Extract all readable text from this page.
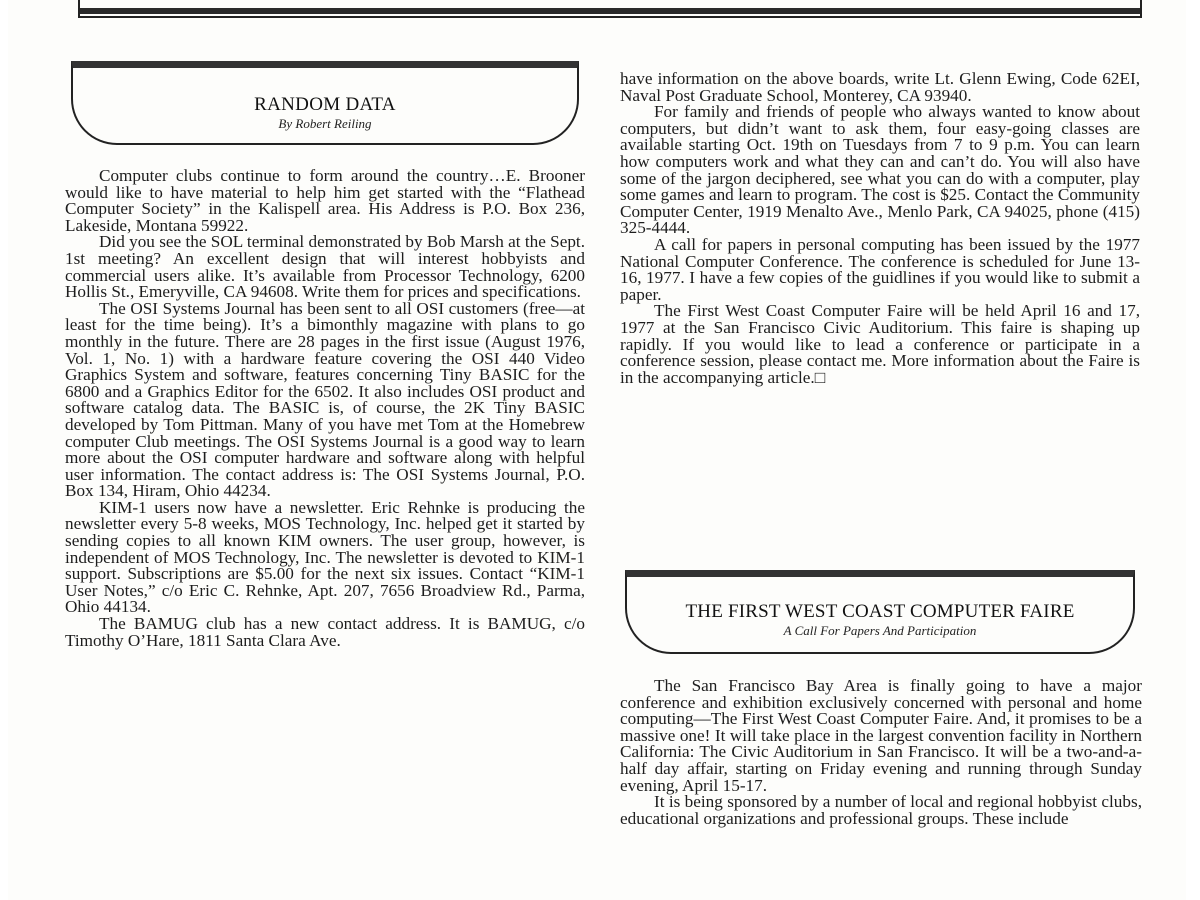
RANDOM DATA
By Robert Reiling

Computer clubs continue to form around the country…E. Brooner would like to have material to help him get started with the “Flathead Computer Society” in the Kalispell area. His Address is P.O. Box 236, Lakeside, Montana 59922.

Did you see the SOL terminal demonstrated by Bob Marsh at the Sept. 1st meeting? An excellent design that will interest hobbyists and commercial users alike. It’s available from Processor Technology, 6200 Hollis St., Emeryville, CA 94608. Write them for prices and specifications.

The OSI Systems Journal has been sent to all OSI customers (free—at least for the time being). It’s a bimonthly magazine with plans to go monthly in the future. There are 28 pages in the first issue (August 1976, Vol. 1, No. 1) with a hardware feature covering the OSI 440 Video Graphics System and software, features concerning Tiny BASIC for the 6800 and a Graphics Editor for the 6502. It also includes OSI product and software catalog data. The BASIC is, of course, the 2K Tiny BASIC developed by Tom Pittman. Many of you have met Tom at the Homebrew computer Club meetings. The OSI Systems Journal is a good way to learn more about the OSI computer hardware and software along with helpful user information. The contact address is: The OSI Systems Journal, P.O. Box 134, Hiram, Ohio 44234.

KIM-1 users now have a newsletter. Eric Rehnke is producing the newsletter every 5-8 weeks, MOS Technology, Inc. helped get it started by sending copies to all known KIM owners. The user group, however, is independent of MOS Technology, Inc. The newsletter is devoted to KIM-1 support. Subscriptions are $5.00 for the next six issues. Contact “KIM-1 User Notes,” c/o Eric C. Rehnke, Apt. 207, 7656 Broadview Rd., Parma, Ohio 44134.

The BAMUG club has a new contact address. It is BAMUG, c/o Timothy O’Hare, 1811 Santa Clara Ave.

have information on the above boards, write Lt. Glenn Ewing, Code 62EI, Naval Post Graduate School, Monterey, CA 93940.

For family and friends of people who always wanted to know about computers, but didn’t want to ask them, four easy-going classes are available starting Oct. 19th on Tuesdays from 7 to 9 p.m. You can learn how computers work and what they can and can’t do. You will also have some of the jargon deciphered, see what you can do with a computer, play some games and learn to program. The cost is $25. Contact the Community Computer Center, 1919 Menalto Ave., Menlo Park, CA 94025, phone (415) 325-4444.

A call for papers in personal computing has been issued by the 1977 National Computer Conference. The conference is scheduled for June 13-16, 1977. I have a few copies of the guidlines if you would like to submit a paper.

The First West Coast Computer Faire will be held April 16 and 17, 1977 at the San Francisco Civic Auditorium. This faire is shaping up rapidly. If you would like to lead a conference or participate in a conference session, please contact me. More information about the Faire is in the accompanying article.□

THE FIRST WEST COAST COMPUTER FAIRE
A Call For Papers And Participation

The San Francisco Bay Area is finally going to have a major conference and exhibition exclusively concerned with personal and home computing—The First West Coast Computer Faire. And, it promises to be a massive one! It will take place in the largest convention facility in Northern California: The Civic Auditorium in San Francisco. It will be a two-and-a-half day affair, starting on Friday evening and running through Sunday evening, April 15-17.

It is being sponsored by a number of local and regional hobbyist clubs, educational organizations and professional groups. These include
